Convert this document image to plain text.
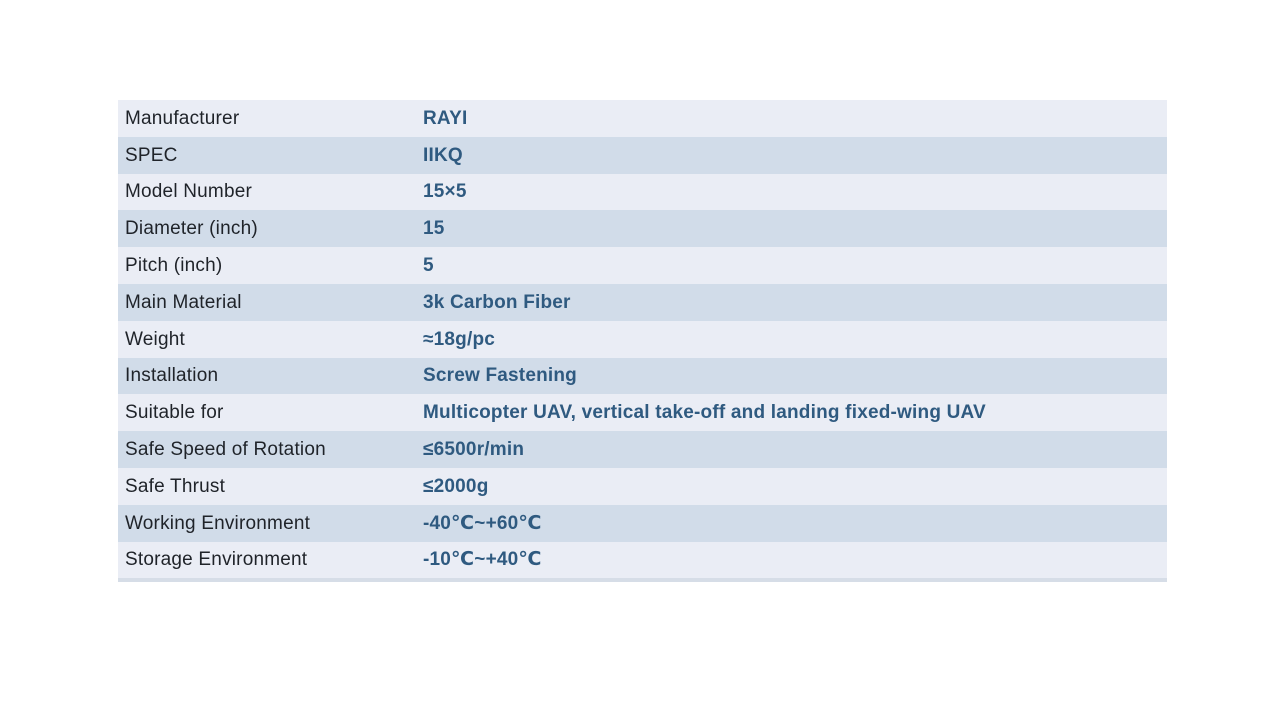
Manufacturer	RAYI
SPEC	IIKQ
Model Number	15×5
Diameter (inch)	15
Pitch (inch)	5
Main Material	3k Carbon Fiber
Weight	≈18g/pc
Installation	Screw Fastening
Suitable for	Multicopter UAV, vertical take-off and landing fixed-wing UAV
Safe Speed of Rotation	≤6500r/min
Safe Thrust	≤2000g
Working Environment	-40℃~+60℃
Storage Environment	-10℃~+40℃
